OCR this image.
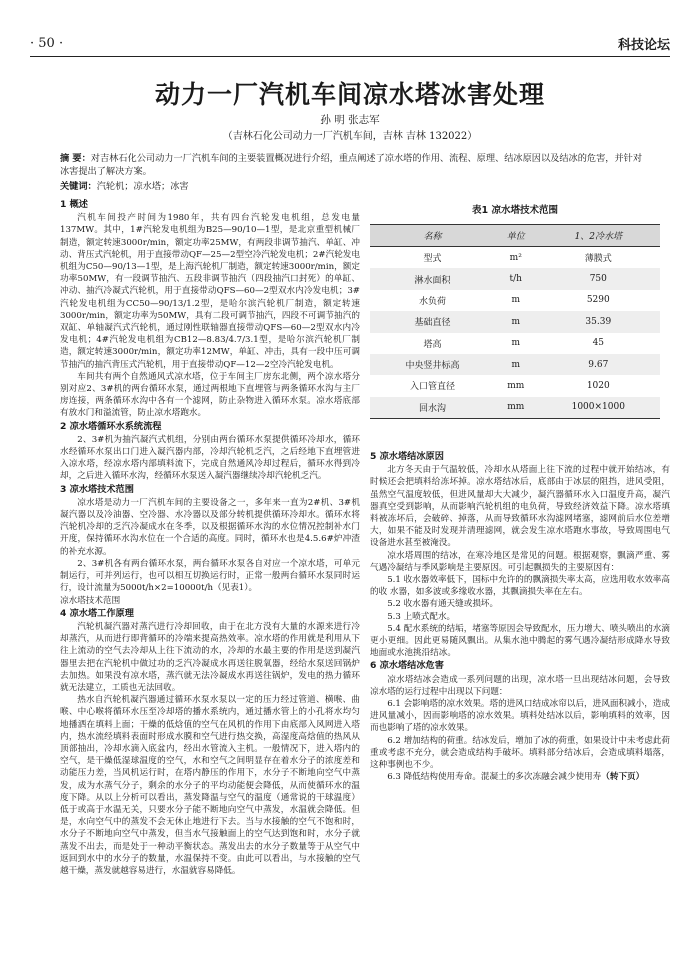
· 50 ·	科技论坛
动力一厂汽机车间凉水塔冰害处理
孙 明 张志军
（吉林石化公司动力一厂汽机车间，吉林 吉林 132022）
摘 要：对吉林石化公司动力一厂汽机车间的主要装置概况进行介绍，重点阐述了凉水塔的作用、流程、原理、结冰原因以及结冰的危害，并针对冰害提出了解决方案。
关键词：汽轮机；凉水塔；冰害
1 概述

汽机车间投产时间为1980年，共有四台汽轮发电机组，总发电量137MW。其中，1#汽轮发电机组为B25—90/10—1型，是北京重型机械厂制造，额定转速3000r/min，额定功率25MW，有两段非调节抽汽、单缸、冲动、背压式汽轮机，用于直接带动QF—25—2型空冷汽轮发电机；2#汽轮发电机组为C50—90/13—1型，是上海汽轮机厂制造，额定转速3000r/min，额定功率50MW，有一段调节抽汽、五段非调节抽汽（四段抽汽口封死）的单缸、冲动、抽汽冷凝式汽轮机，用于直接带动QFS—60—2型双水内冷发电机；3#汽轮发电机组为CC50—90/13/1.2型，是哈尔滨汽轮机厂制造，额定转速3000r/min，额定功率为50MW，具有二段可调节抽汽，四段不可调节抽汽的双缸、单轴凝汽式汽轮机，通过刚性联轴器直接带动QFS—60—2型双水内冷发电机；4#汽轮发电机组为CB12—8.83/4.7/3.1型，是哈尔滨汽轮机厂制造，额定转速3000r/min，额定功率12MW，单缸、冲击，具有一段中压可调节抽汽的抽汽背压式汽轮机，用于直接带动QF—12—2空冷汽轮发电机。

车间共有两个自然通风式凉水塔，位于车间主厂房东北侧，两个凉水塔分别对应2、3#机的两台循环水泵，通过两根地下直埋管与两条循环水沟与主厂房连接，两条循环水沟中各有一个滤网，防止杂物进入循环水泵。凉水塔底部有放水门和溢流管，防止凉水塔跑水。

2 凉水塔循环水系统流程

2、3#机为抽汽凝汽式机组，分别由两台循环水泵提供循环冷却水，循环水经循环水泵出口门进入凝汽器内部，冷却汽轮机乏汽，之后经地下直埋管进入凉水塔，经凉水塔内部填料流下，完成自然通风冷却过程后，循环水得到冷却，之后进入循环水沟，经循环水泵送入凝汽器继续冷却汽轮机乏汽。

3 凉水塔技术范围

凉水塔是动力一厂汽机车间的主要设备之一，多年来一直为2#机、3#机凝汽器以及冷油器、空冷器、水冷器以及部分转机提供循环冷却水。循环水将汽轮机冷却的乏汽冷凝成水在冬季，以及根据循环水沟的水位情况控制补水门开度，保持循环水沟水位在一个合适的高度。同时，循环水也是4.5.6#炉冲渣的补充水源。

2、3#机各有两台循环水泵，两台循环水泵各自对应一个凉水塔，可单元制运行，可并列运行，也可以相互切换运行时，正常一般两台循环水泵同时运行，设计流量为5000t/h×2=10000t/h（见表1）。

凉水塔技术范围

4 凉水塔工作原理

汽轮机凝汽器对蒸汽进行冷却回收，由于在北方没有大量的水源来进行冷却蒸汽，从而进行即背循环的冷端来提高热效率。凉水塔的作用就是利用从下往上流动的空气去冷却从上往下流动的水，冷却的水最主要的作用是送到凝汽器里去把在汽轮机中做过功的乏汽冷凝成水再送往脱氧器，经给水泵送回锅炉去加热。如果没有凉水塔，蒸汽就无法冷凝成水再送往锅炉，发电的热力循环就无法建立，工质也无法回收。

热水自汽轮机凝汽器通过循环水泵水泵以一定的压力经过管道、横喉、曲喉、中心喉将循环水压至冷却塔的播水系统内，通过播水管上的小孔将水均匀地播洒在填料上面；干燥的低焓值的空气在风机的作用下由底部入风网进入塔内，热水流经填料表面时形成水膜和空气进行热交换，高湿度高焓值的热风从顶部抽出，冷却水滴入底盆内，经出水管流入主机。一般情况下，进入塔内的空气，是干燥低湿球温度的空气，水和空气之间明显存在着水分子的浓度差和动能压力差，当风机运行时，在塔内静压的作用下，水分子不断地向空气中蒸发，成为水蒸气分子，剩余的水分子的平均动能便会降低，从而使循环水的温度下降。从以上分析可以看出，蒸发降温与空气的温度（通常说的干球温度）低于或高于水温无关，只要水分子能不断地向空气中蒸发，水温就会降低。但是，水向空气中的蒸发不会无休止地进行下去。当与水接触的空气不饱和时，水分子不断地向空气中蒸发，但当水气接触面上的空气达到饱和时，水分子就蒸发不出去，而是处于一种动平衡状态。蒸发出去的水分子数量等于从空气中返回到水中的水分子的数量，水温保持不变。由此可以看出，与水接触的空气越干燥，蒸发就越容易进行，水温就容易降低。

表1 凉水塔技术范围
名称	单位	1、2冷水塔
型式	m²	薄膜式
淋水面积	t/h	750
水负荷	m	5290
基础直径	m	35.39
塔高	m	45
中央竖井标高	m	9.67
入口管直径	mm	1020
回水沟	mm	1000×1000
5 凉水塔结冰原因

北方冬天由于气温较低，冷却水从塔面上往下流的过程中就开始结冰，有时候还会把填料给冻坏掉。凉水塔结冰后，底部由于冰层的阻挡，进风受阻，虽然空气温度较低，但进风量却大大减少，凝汽器循环水入口温度升高，凝汽器真空受到影响，从而影响汽轮机组的电负荷，导致经济效益下降。凉水塔填料被冻坏后，会破碎、掉落，从而导致循环水沟滤网堵塞，滤网前后水位差增大，如果不能及时发现并清理滤网，就会发生凉水塔跑水事故，导致周围电气设备进水甚至被淹没。

凉水塔周围的结冰，在寒冷地区是常见的问题。根据观察，飘滴严重、雾气遇冷凝结与季风影响是主要原因。可引起飘损失的主要原因有：

5.1 收水器效率低下，国标中允许的的飘滴损失率太高，应选用收水效率高的收 水器，如多波或多缘收水器，其飘滴损失率在左右。

5.2 收水器有通天缝或损坏。

5.3 上喷式配水。

5.4 配水系统的结垢，堵塞等原因会导致配水，压力增大、喷头喷出的水滴更小更细。因此更易随风飘出。从集水池中腾起的雾气遇冷凝结形成降水导致地面或水池挑沿结冰。

6 凉水塔结冰危害

凉水塔结冰会造成一系列问题的出现，凉水塔一旦出现结冰问题，会导致凉水塔的运行过程中出现以下问题：

6.1 会影响塔的凉水效果。塔的进风口结成冰帘以后，进风面积减小，造成进风量减小，因而影响塔的凉水效果。填料处结冰以后，影响填料的效率，因而也影响了塔的凉水效果。

6.2 增加结构的荷重。结冰发后，增加了冰的荷重，如果设计中未考虑此荷重或考虑不充分，就会造成结构手破坏。填料部分结冰后，会造成填料塌落，这种事例也不少。

6.3 降低结构使用寿命。混凝土的多次冻融会减少使用寿（转下页）
